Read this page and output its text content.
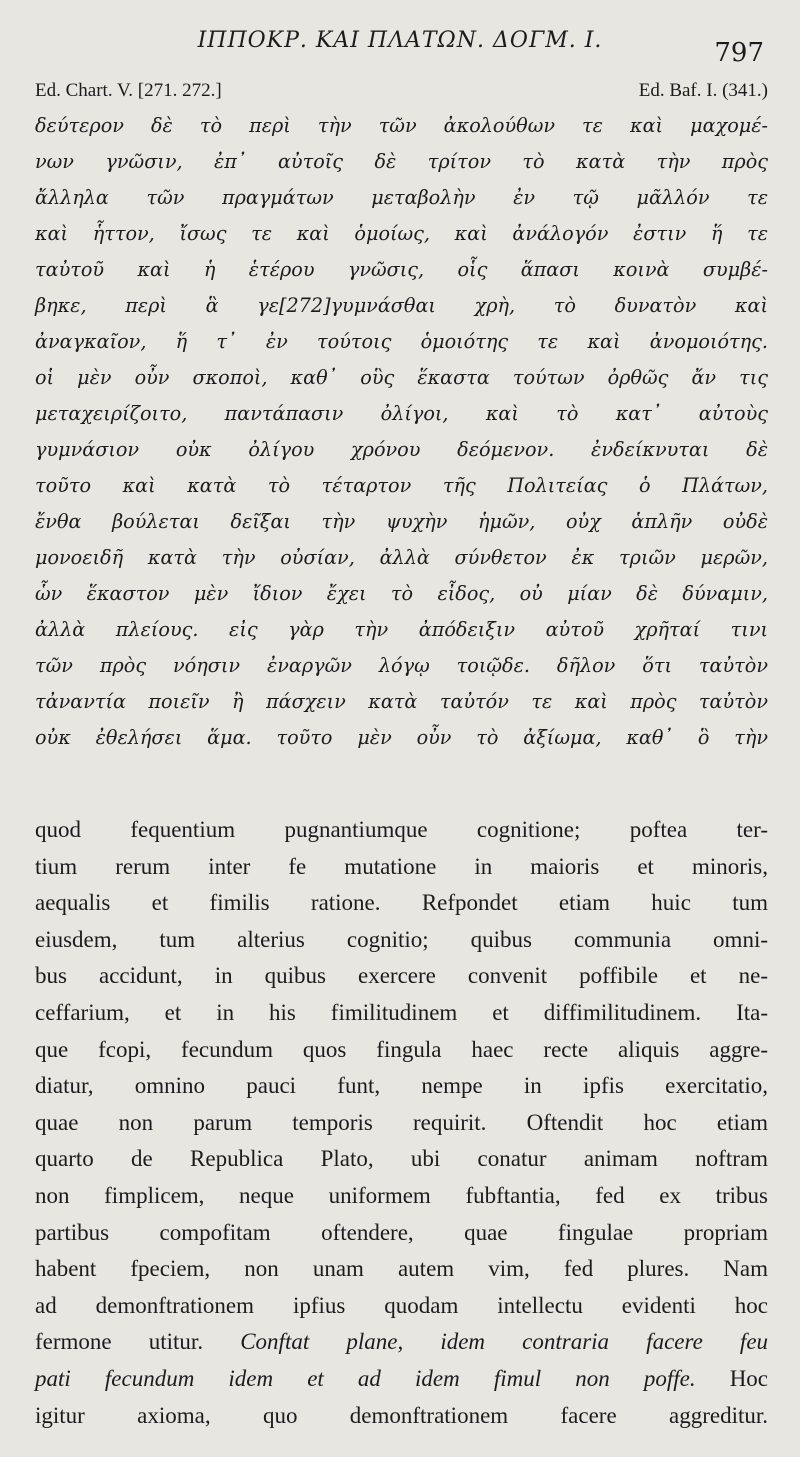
ΙΠΠΟΚΡ. ΚΑΙ ΠΛΑΤΩΝ. ΔΟΓΜ. Ι.	797
Ed. Chart. V. [271. 272.]	Ed. Baf. I. (341.)
δεύτερον δὲ τὸ περὶ τὴν τῶν ἀκολούθων τε καὶ μαχομέ-
νων γνῶσιν, ἐπ᾽ αὐτοῖς δὲ τρίτον τὸ κατὰ τὴν πρὸς
ἄλληλα τῶν πραγμάτων μεταβολὴν ἐν τῷ μᾶλλόν τε
καὶ ἧττον, ἴσως τε καὶ ὁμοίως, καὶ ἀνάλογόν ἐστιν ἥ τε
ταὐτοῦ καὶ ἡ ἑτέρου γνῶσις, οἷς ἅπασι κοινὰ συμβέ-
βηκε, περὶ ἃ γε[272]γυμνάσθαι χρὴ, τὸ δυνατὸν καὶ
ἀναγκαῖον, ἥ τ᾽ ἐν τούτοις ὁμοιότης τε καὶ ἀνομοιότης.
οἱ μὲν οὖν σκοποὶ, καθ᾽ οὓς ἕκαστα τούτων ὀρθῶς ἄν τις
μεταχειρίζοιτο, παντάπασιν ὀλίγοι, καὶ τὸ κατ᾽ αὐτοὺς
γυμνάσιον οὐκ ὀλίγου χρόνου δεόμενον. ἐνδείκνυται δὲ
τοῦτο καὶ κατὰ τὸ τέταρτον τῆς Πολιτείας ὁ Πλάτων,
ἔνθα βούλεται δεῖξαι τὴν ψυχὴν ἡμῶν, οὐχ ἁπλῆν οὐδὲ
μονοειδῆ κατὰ τὴν οὐσίαν, ἀλλὰ σύνθετον ἐκ τριῶν μερῶν,
ὧν ἕκαστον μὲν ἴδιον ἔχει τὸ εἶδος, οὐ μίαν δὲ δύναμιν,
ἀλλὰ πλείους. εἰς γὰρ τὴν ἀπόδειξιν αὐτοῦ χρῆταί τινι
τῶν πρὸς νόησιν ἐναργῶν λόγῳ τοιῷδε. δῆλον ὅτι ταὐτὸν
τἀναντία ποιεῖν ἢ πάσχειν κατὰ ταὐτόν τε καὶ πρὸς ταὐτὸν
οὐκ ἐθελήσει ἅμα. τοῦτο μὲν οὖν τὸ ἀξίωμα, καθ᾽ ὃ τὴν
quod fequentium pugnantiumque cognitione; poftea ter-
tium rerum inter fe mutatione in maioris et minoris,
aequalis et fimilis ratione. Refpondet etiam huic tum
eiusdem, tum alterius cognitio; quibus communia omni-
bus accidunt, in quibus exercere convenit poffibile et ne-
ceffarium, et in his fimilitudinem et diffimilitudinem. Ita-
que fcopi, fecundum quos fingula haec recte aliquis aggre-
diatur, omnino pauci funt, nempe in ipfis exercitatio,
quae non parum temporis requirit. Oftendit hoc etiam
quarto de Republica Plato, ubi conatur animam noftram
non fimplicem, neque uniformem fubftantia, fed ex tribus
partibus compofitam oftendere, quae fingulae propriam
habent fpeciem, non unam autem vim, fed plures. Nam
ad demonftrationem ipfius quodam intellectu evidenti hoc
fermone utitur. Conftat plane, idem contraria facere feu
pati fecundum idem et ad idem fimul non poffe. Hoc
igitur axioma, quo demonftrationem facere aggreditur.
